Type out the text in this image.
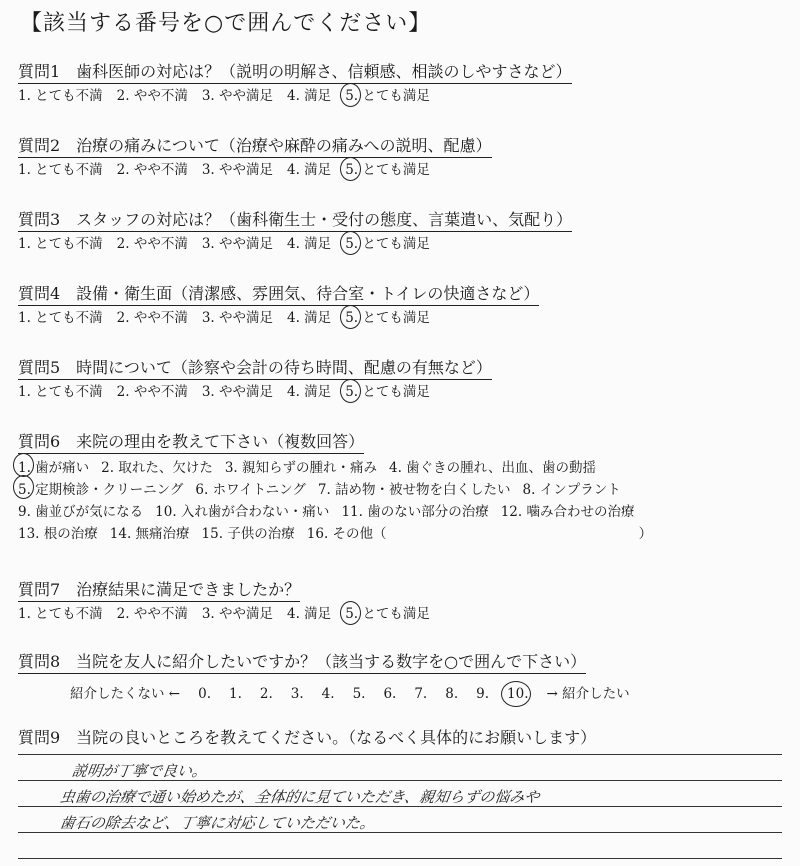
【該当する番号を○で囲んでください】
質問1　歯科医師の対応は？（説明の明解さ、信頼感、相談のしやすさなど）
1. とても不満 2. やや不満 3. やや満足 4. 満足 5. とても満足
質問2　治療の痛みについて（治療や麻酔の痛みへの説明、配慮）
1. とても不満 2. やや不満 3. やや満足 4. 満足 5. とても満足
質問3　スタッフの対応は？（歯科衛生士・受付の態度、言葉遣い、気配り）
1. とても不満 2. やや不満 3. やや満足 4. 満足 5. とても満足
質問4　設備・衛生面（清潔感、雰囲気、待合室・トイレの快適さなど）
1. とても不満 2. やや不満 3. やや満足 4. 満足 5. とても満足
質問5　時間について（診察や会計の待ち時間、配慮の有無など）
1. とても不満 2. やや不満 3. やや満足 4. 満足 5. とても満足
質問6　来院の理由を教えて下さい（複数回答）
1. 歯が痛い 2. 取れた、欠けた 3. 親知らずの腫れ・痛み 4. 歯ぐきの腫れ、出血、歯の動揺
5. 定期検診・クリーニング 6. ホワイトニング 7. 詰め物・被せ物を白くしたい 8. インプラント
9. 歯並びが気になる 10. 入れ歯が合わない・痛い 11. 歯のない部分の治療 12. 噛み合わせの治療
13. 根の治療 14. 無痛治療 15. 子供の治療 16. その他（	）
質問7　治療結果に満足できましたか？
1. とても不満 2. やや不満 3. やや満足 4. 満足 5. とても満足
質問8　当院を友人に紹介したいですか？（該当する数字を○で囲んで下さい）
紹介したくない ← 0. 1. 2. 3. 4. 5. 6. 7. 8. 9. 10. → 紹介したい
質問9　当院の良いところを教えてください。（なるべく具体的にお願いします）
説明が丁寧で良い。
虫歯の治療で通い始めたが、全体的に見ていただき、親知らずの悩みや
歯石の除去など、丁寧に対応していただいた。
